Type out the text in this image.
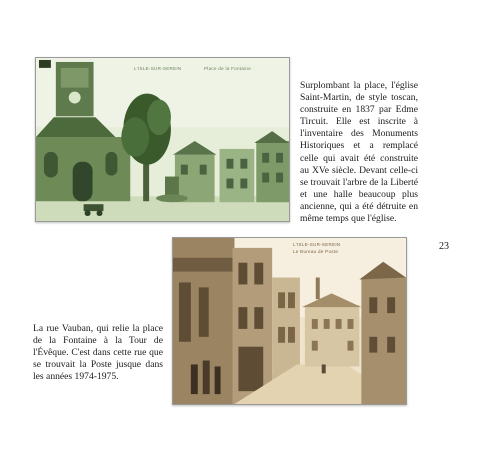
L'ISLE-SUR-SEREIN	Place de la Fontaine

Surplombant la place, l'église Saint-Martin, de style toscan, construite en 1837 par Edme Tircuit. Elle est inscrite à l'inventaire des Monuments Historiques et a remplacé celle qui avait été construite au XVe siècle. Devant celle-ci se trouvait l'arbre de la Liberté et une halle beaucoup plus ancienne, qui a été détruite en même temps que l'église.

23
L'ISLE-SUR-SEREIN
Le Bureau de Poste

La rue Vauban, qui relie la place de la Fontaine à la Tour de l'Évêque. C'est dans cette rue que se trouvait la Poste jusque dans les années 1974-1975.
